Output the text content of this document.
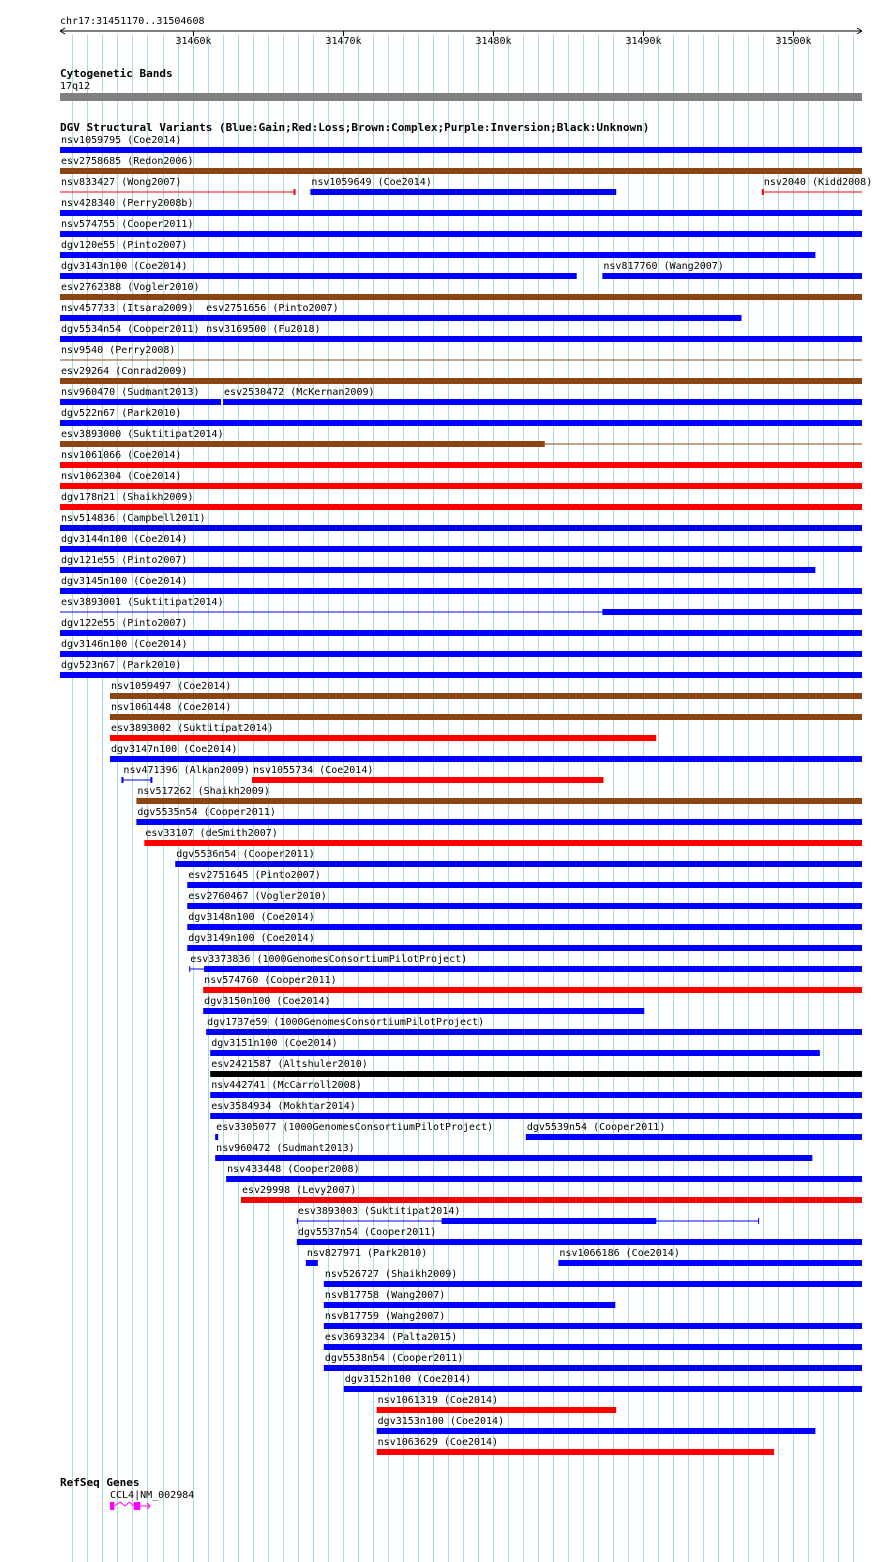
chr17:31451170..31504608
31460k	31470k	31480k	31490k	31500k
Cytogenetic Bands
17q12
DGV Structural Variants (Blue:Gain;Red:Loss;Brown:Complex;Purple:Inversion;Black:Unknown)
nsv1059795 (Coe2014)
esv2758685 (Redon2006)
nsv833427 (Wong2007)	nsv1059649 (Coe2014)	nsv2040 (Kidd2008)
nsv428340 (Perry2008b)
nsv574755 (Cooper2011)
dgv120e55 (Pinto2007)
dgv3143n100 (Coe2014)	nsv817760 (Wang2007)
esv2762388 (Vogler2010)
nsv457733 (Itsara2009) esv2751656 (Pinto2007)
dgv5534n54 (Cooper2011) nsv3169500 (Fu2018)
nsv9540 (Perry2008)
esv29264 (Conrad2009)
nsv960470 (Sudmant2013) esv2530472 (McKernan2009)
dgv522n67 (Park2010)
esv3893000 (Suktitipat2014)
nsv1061066 (Coe2014)
nsv1062304 (Coe2014)
dgv178n21 (Shaikh2009)
nsv514836 (Campbell2011)
dgv3144n100 (Coe2014)
dgv121e55 (Pinto2007)
dgv3145n100 (Coe2014)
esv3893001 (Suktitipat2014)
dgv122e55 (Pinto2007)
dgv3146n100 (Coe2014)
dgv523n67 (Park2010)
nsv1059497 (Coe2014)
nsv1061448 (Coe2014)
esv3893002 (Suktitipat2014)
dgv3147n100 (Coe2014)
nsv471396 (Alkan2009) nsv1055734 (Coe2014)
nsv517262 (Shaikh2009)
dgv5535n54 (Cooper2011)
esv33107 (deSmith2007)
dgv5536n54 (Cooper2011)
esv2751645 (Pinto2007)
esv2760467 (Vogler2010)
dgv3148n100 (Coe2014)
dgv3149n100 (Coe2014)
esv3373836 (1000GenomesConsortiumPilotProject)
nsv574760 (Cooper2011)
dgv3150n100 (Coe2014)
dgv1737e59 (1000GenomesConsortiumPilotProject)
dgv3151n100 (Coe2014)
esv2421587 (Altshuler2010)
nsv442741 (McCarroll2008)
esv3584934 (Mokhtar2014)
esv3305077 (1000GenomesConsortiumPilotProject)	dgv5539n54 (Cooper2011)
nsv960472 (Sudmant2013)
nsv433448 (Cooper2008)
esv29998 (Levy2007)
esv3893003 (Suktitipat2014)
dgv5537n54 (Cooper2011)
nsv827971 (Park2010)	nsv1066186 (Coe2014)
nsv526727 (Shaikh2009)
nsv817758 (Wang2007)
nsv817759 (Wang2007)
esv3693234 (Palta2015)
dgv5538n54 (Cooper2011)
dgv3152n100 (Coe2014)
nsv1061319 (Coe2014)
dgv3153n100 (Coe2014)
nsv1063629 (Coe2014)
RefSeq Genes
CCL4|NM_002984
